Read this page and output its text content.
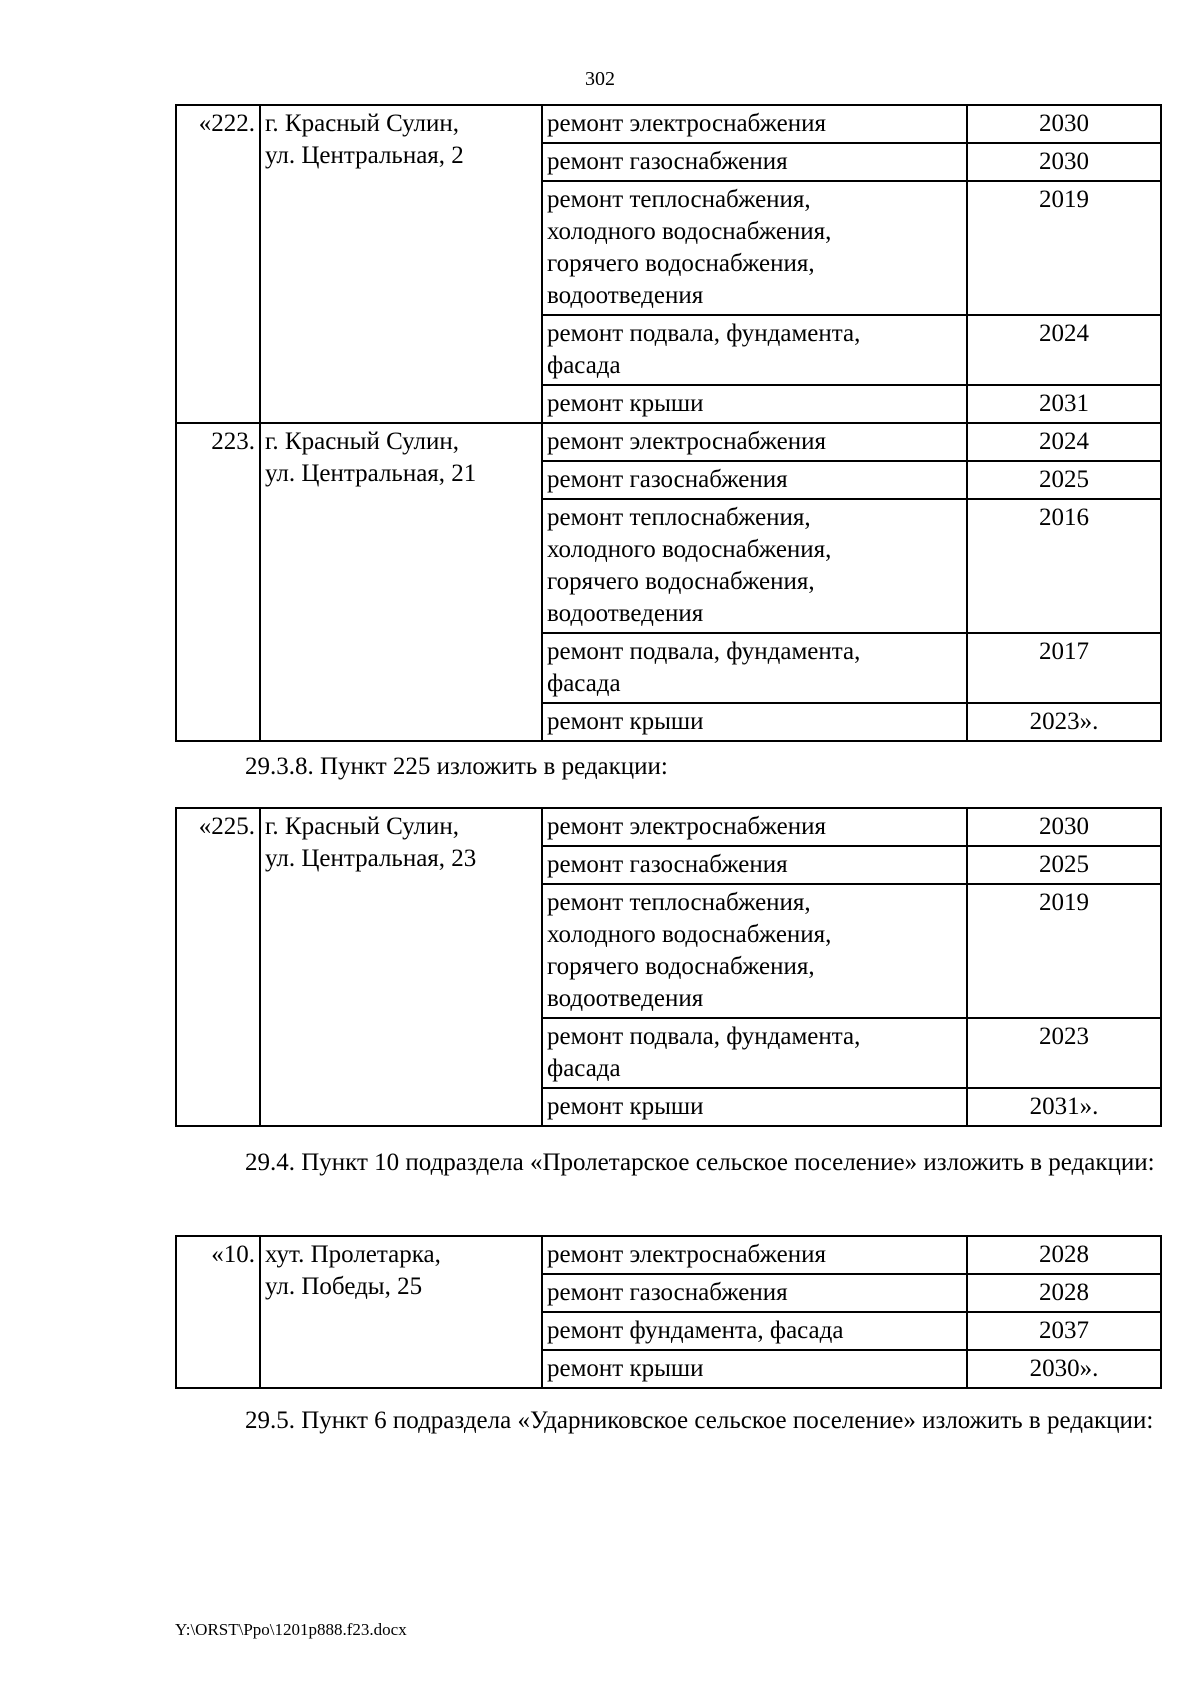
302
«222.	г. Красный Сулин,
ул. Центральная, 2	ремонт электроснабжения	2030

		ремонт газоснабжения	2030

		ремонт теплоснабжения,
холодного водоснабжения,
горячего водоснабжения,
водоотведения	2019

		ремонт подвала, фундамента,
фасада	2024

		ремонт крыши	2031
223.	г. Красный Сулин,
ул. Центральная, 21	ремонт электроснабжения	2024

		ремонт газоснабжения	2025

		ремонт теплоснабжения,
холодного водоснабжения,
горячего водоснабжения,
водоотведения	2016

		ремонт подвала, фундамента,
фасада	2017

		ремонт крыши	2023».
29.3.8. Пункт 225 изложить в редакции:
«225.	г. Красный Сулин,
ул. Центральная, 23	ремонт электроснабжения	2030

		ремонт газоснабжения	2025

		ремонт теплоснабжения,
холодного водоснабжения,
горячего водоснабжения,
водоотведения	2019

		ремонт подвала, фундамента,
фасада	2023

		ремонт крыши	2031».
29.4. Пункт 10 подраздела «Пролетарское сельское поселение» изложить в редакции:
«10.	хут. Пролетарка,
ул. Победы, 25	ремонт электроснабжения	2028

		ремонт газоснабжения	2028

		ремонт фундамента, фасада	2037

		ремонт крыши	2030».
29.5. Пункт 6 подраздела «Ударниковское сельское поселение» изложить в редакции:
Y:\ORST\Ppo\1201p888.f23.docx
